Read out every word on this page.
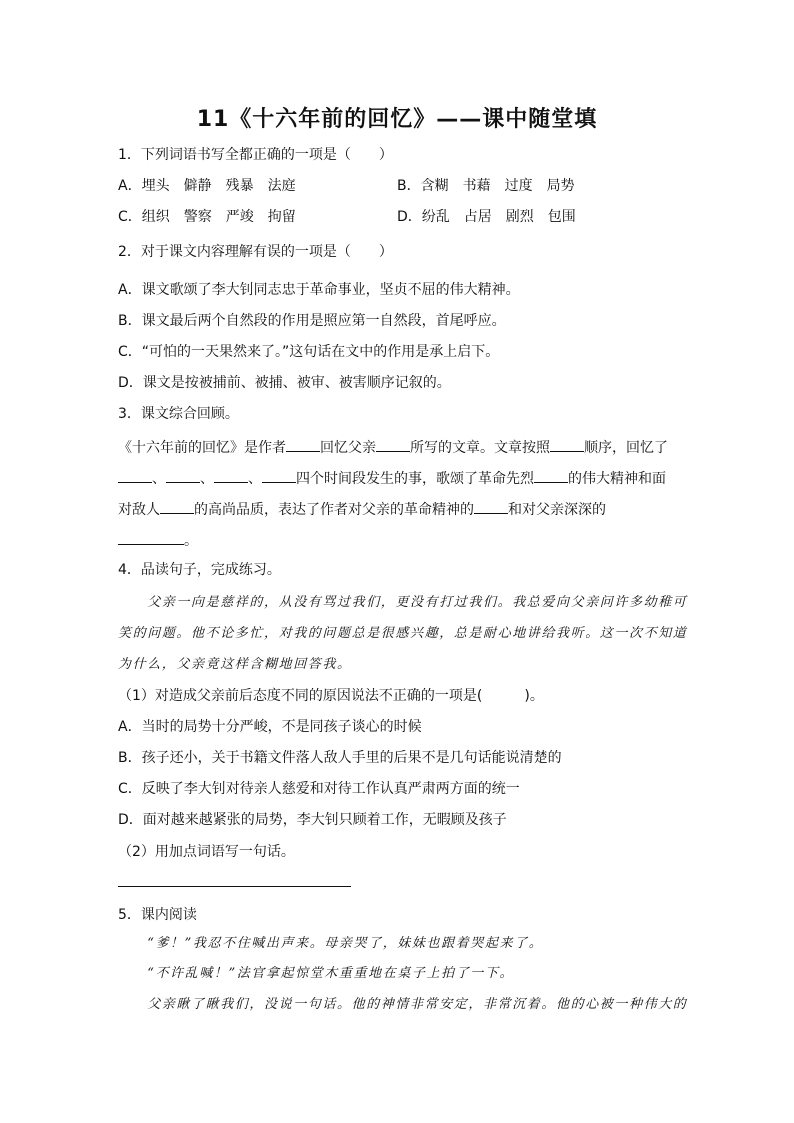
11《十六年前的回忆》——课中随堂填
1．下列词语书写全都正确的一项是（　　）
A．埋头　僻静　残暴　法庭	B．含糊　书藉　过度　局势
C．组织　警察　严竣　拘留	D．纷乱　占居　剧烈　包围
2．对于课文内容理解有误的一项是（　　）
A．课文歌颂了李大钊同志忠于革命事业，坚贞不屈的伟大精神。
B．课文最后两个自然段的作用是照应第一自然段，首尾呼应。
C．“可怕的一天果然来了。”这句话在文中的作用是承上启下。
D．课文是按被捕前、被捕、被审、被害顺序记叙的。
3．课文综合回顾。
《十六年前的回忆》是作者 回忆父亲 所写的文章。文章按照 顺序，回忆了
、 、 、 四个时间段发生的事，歌颂了革命先烈 的伟大精神和面
对敌人 的高尚品质，表达了作者对父亲的革命精神的 和对父亲深深的
。
4．品读句子，完成练习。
　　父亲一向是慈祥的，从没有骂过我们，更没有打过我们。我总爱向父亲问许多幼稚可
笑的问题。他不论多忙，对我的问题总是很感兴趣，总是耐心地讲给我听。这一次不知道
为什么，父亲竟这样含糊地回答我。
（1）对造成父亲前后态度不同的原因说法不正确的一项是(　　　)。
A．当时的局势十分严峻，不是同孩子谈心的时候
B．孩子还小，关于书籍文件落人敌人手里的后果不是几句话能说清楚的
C．反映了李大钊对待亲人慈爱和对待工作认真严肃两方面的统一
D．面对越来越紧张的局势，李大钊只顾着工作，无暇顾及孩子
（2）用加点词语写一句话。
5．课内阅读
　　“爹！”我忍不住喊出声来。母亲哭了，妹妹也跟着哭起来了。
　　“不许乱喊！”法官拿起惊堂木重重地在桌子上拍了一下。
　　父亲瞅了瞅我们，没说一句话。他的神情非常安定，非常沉着。他的心被一种伟大的
